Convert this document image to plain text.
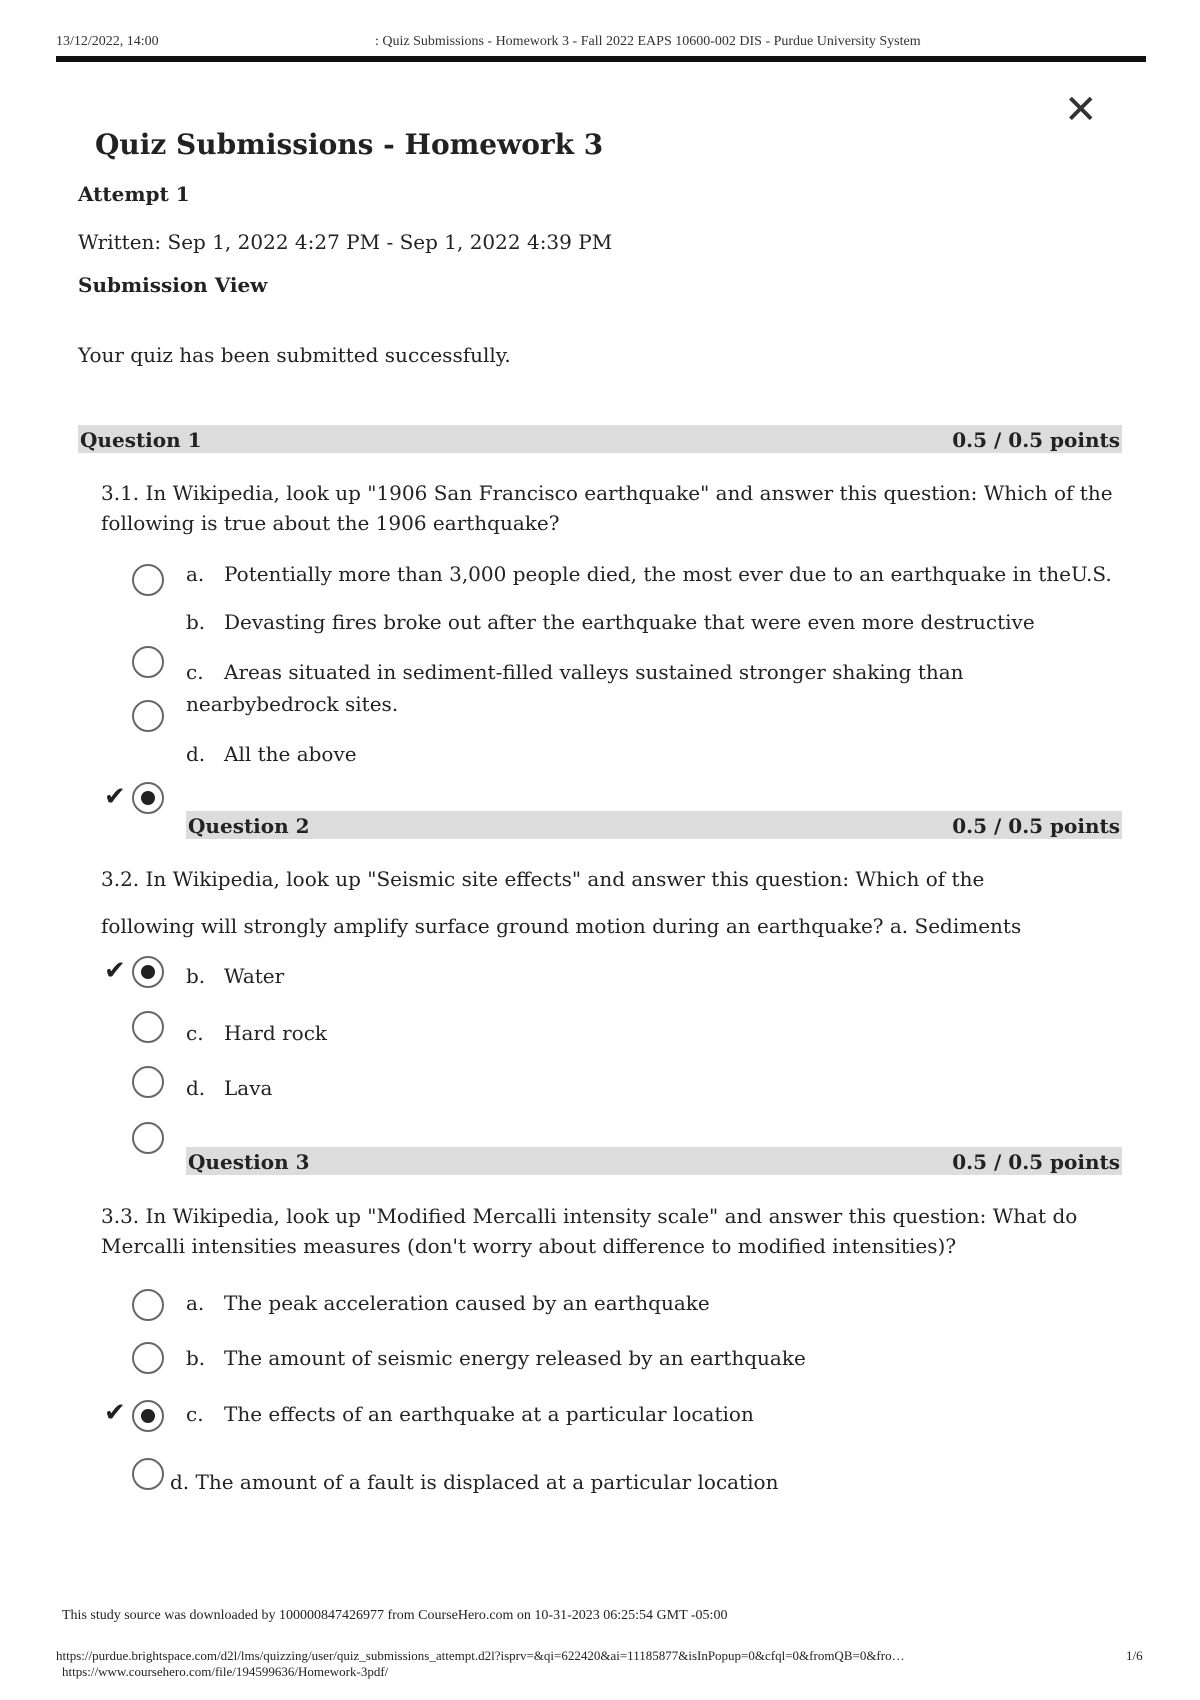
13/12/2022, 14:00	: Quiz Submissions - Homework 3 - Fall 2022 EAPS 10600-002 DIS - Purdue University System
✕
Quiz Submissions - Homework 3
Attempt 1
Written: Sep 1, 2022 4:27 PM - Sep 1, 2022 4:39 PM
Submission View
Your quiz has been submitted successfully.
Question 1	0.5 / 0.5 points
3.1. In Wikipedia, look up "1906 San Francisco earthquake" and answer this question: Which of the
following is true about the 1906 earthquake?
a. Potentially more than 3,000 people died, the most ever due to an earthquake in theU.S.
b. Devasting fires broke out after the earthquake that were even more destructive
c. Areas situated in sediment-filled valleys sustained stronger shaking than
nearbybedrock sites.
d. All the above
✔
Question 2	0.5 / 0.5 points
3.2. In Wikipedia, look up "Seismic site effects" and answer this question: Which of the
following will strongly amplify surface ground motion during an earthquake? a. Sediments
✔	b. Water
c. Hard rock
d. Lava
Question 3	0.5 / 0.5 points
3.3. In Wikipedia, look up "Modified Mercalli intensity scale" and answer this question: What do
Mercalli intensities measures (don't worry about difference to modified intensities)?
a. The peak acceleration caused by an earthquake
b. The amount of seismic energy released by an earthquake
✔	c. The effects of an earthquake at a particular location
d. The amount of a fault is displaced at a particular location
This study source was downloaded by 100000847426977 from CourseHero.com on 10-31-2023 06:25:54 GMT -05:00
https://purdue.brightspace.com/d2l/lms/quizzing/user/quiz_submissions_attempt.d2l?isprv=&qi=622420&ai=11185877&isInPopup=0&cfql=0&fromQB=0&fro…	1/6
https://www.coursehero.com/file/194599636/Homework-3pdf/
